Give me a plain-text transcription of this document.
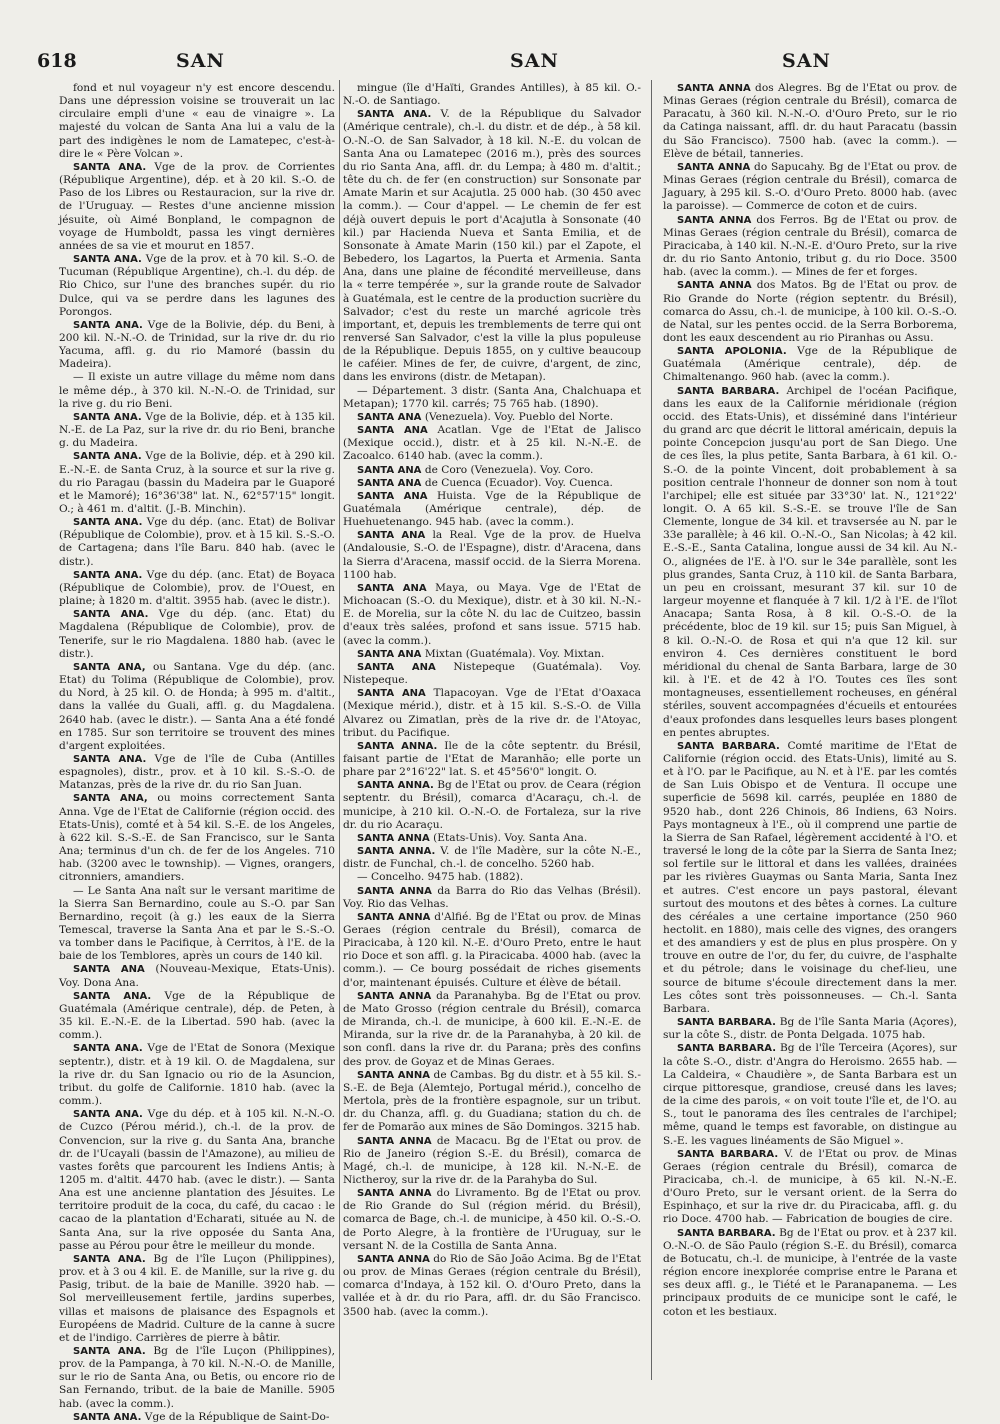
618	SAN	SAN	SAN

fond et nul voyageur n'y est encore descendu. Dans une dépression voisine se trouverait un lac circulaire empli d'une « eau de vinaigre ». La majesté du volcan de Santa Ana lui a valu de la part des indigènes le nom de Lamatepec, c'est-à-dire le « Père Volcan ».

SANTA ANA. Vge de la prov. de Corrientes (République Argentine), dép. et à 20 kil. S.-O. de Paso de los Libres ou Restauracion, sur la rive dr. de l'Uruguay. — Restes d'une ancienne mission jésuite, où Aimé Bonpland, le compagnon de voyage de Humboldt, passa les vingt dernières années de sa vie et mourut en 1857.

SANTA ANA. Vge de la prov. et à 70 kil. S.-O. de Tucuman (République Argentine), ch.-l. du dép. de Rio Chico, sur l'une des branches supér. du rio Dulce, qui va se perdre dans les lagunes des Porongos.

SANTA ANA. Vge de la Bolivie, dép. du Beni, à 200 kil. N.-N.-O. de Trinidad, sur la rive dr. du rio Yacuma, affl. g. du rio Mamoré (bassin du Madeira).

— Il existe un autre village du même nom dans le même dép., à 370 kil. N.-N.-O. de Trinidad, sur la rive g. du rio Beni.

SANTA ANA. Vge de la Bolivie, dép. et à 135 kil. N.-E. de La Paz, sur la rive dr. du rio Beni, branche g. du Madeira.

SANTA ANA. Vge de la Bolivie, dép. et à 290 kil. E.-N.-E. de Santa Cruz, à la source et sur la rive g. du rio Paragau (bassin du Madeira par le Guaporé et le Mamoré); 16°36'38" lat. N., 62°57'15" longit. O.; à 461 m. d'altit. (J.-B. Minchin).

SANTA ANA. Vge du dép. (anc. Etat) de Bolivar (République de Colombie), prov. et à 15 kil. S.-S.-O. de Cartagena; dans l'île Baru. 840 hab. (avec le distr.).

SANTA ANA. Vge du dép. (anc. Etat) de Boyaca (République de Colombie), prov. de l'Ouest, en plaine; à 1820 m. d'altit. 3955 hab. (avec le distr.).

SANTA ANA. Vge du dép. (anc. Etat) du Magdalena (République de Colombie), prov. de Tenerife, sur le rio Magdalena. 1880 hab. (avec le distr.).

SANTA ANA, ou Santana. Vge du dép. (anc. Etat) du Tolima (République de Colombie), prov. du Nord, à 25 kil. O. de Honda; à 995 m. d'altit., dans la vallée du Guali, affl. g. du Magdalena. 2640 hab. (avec le distr.). — Santa Ana a été fondé en 1785. Sur son territoire se trouvent des mines d'argent exploitées.

SANTA ANA. Vge de l'île de Cuba (Antilles espagnoles), distr., prov. et à 10 kil. S.-S.-O. de Matanzas, près de la rive dr. du rio San Juan.

SANTA ANA, ou moins correctement Santa Anna. Vge de l'Etat de Californie (région occid. des Etats-Unis), comté et à 54 kil. S.-E. de los Angeles, à 622 kil. S.-S.-E. de San Francisco, sur le Santa Ana; terminus d'un ch. de fer de los Angeles. 710 hab. (3200 avec le township). — Vignes, orangers, citronniers, amandiers.

— Le Santa Ana naît sur le versant maritime de la Sierra San Bernardino, coule au S.-O. par San Bernardino, reçoit (à g.) les eaux de la Sierra Temescal, traverse la Santa Ana et par le S.-S.-O. va tomber dans le Pacifique, à Cerritos, à l'E. de la baie de los Temblores, après un cours de 140 kil.

SANTA ANA (Nouveau-Mexique, Etats-Unis). Voy. Dona Ana.

SANTA ANA. Vge de la République de Guatémala (Amérique centrale), dép. de Peten, à 35 kil. E.-N.-E. de la Libertad. 590 hab. (avec la comm.).

SANTA ANA. Vge de l'Etat de Sonora (Mexique septentr.), distr. et à 19 kil. O. de Magdalena, sur la rive dr. du San Ignacio ou rio de la Asuncion, tribut. du golfe de Californie. 1810 hab. (avec la comm.).

SANTA ANA. Vge du dép. et à 105 kil. N.-N.-O. de Cuzco (Pérou mérid.), ch.-l. de la prov. de Convencion, sur la rive g. du Santa Ana, branche dr. de l'Ucayali (bassin de l'Amazone), au milieu de vastes forêts que parcourent les Indiens Antis; à 1205 m. d'altit. 4470 hab. (avec le distr.). — Santa Ana est une ancienne plantation des Jésuites. Le territoire produit de la coca, du café, du cacao : le cacao de la plantation d'Echarati, située au N. de Santa Ana, sur la rive opposée du Santa Ana, passe au Pérou pour être le meilleur du monde.

SANTA ANA. Bg de l'île Luçon (Philippines), prov. et à 3 ou 4 kil. E. de Manille, sur la rive g. du Pasig, tribut. de la baie de Manille. 3920 hab. — Sol merveilleusement fertile, jardins superbes, villas et maisons de plaisance des Espagnols et Européens de Madrid. Culture de la canne à sucre et de l'indigo. Carrières de pierre à bâtir.

SANTA ANA. Bg de l'île Luçon (Philippines), prov. de la Pampanga, à 70 kil. N.-N.-O. de Manille, sur le rio de Santa Ana, ou Betis, ou encore rio de San Fernando, tribut. de la baie de Manille. 5905 hab. (avec la comm.).

SANTA ANA. Vge de la République de Saint-Do-

mingue (île d'Haïti, Grandes Antilles), à 85 kil. O.-N.-O. de Santiago.

SANTA ANA. V. de la République du Salvador (Amérique centrale), ch.-l. du distr. et de dép., à 58 kil. O.-N.-O. de San Salvador, à 18 kil. N.-E. du volcan de Santa Ana ou Lamatepec (2016 m.), près des sources du rio Santa Ana, affl. dr. du Lempa; à 480 m. d'altit.; tête du ch. de fer (en construction) sur Sonsonate par Amate Marin et sur Acajutla. 25 000 hab. (30 450 avec la comm.). — Cour d'appel. — Le chemin de fer est déjà ouvert depuis le port d'Acajutla à Sonsonate (40 kil.) par Hacienda Nueva et Santa Emilia, et de Sonsonate à Amate Marin (150 kil.) par el Zapote, el Bebedero, los Lagartos, la Puerta et Armenia. Santa Ana, dans une plaine de fécondité merveilleuse, dans la « terre tempérée », sur la grande route de Salvador à Guatémala, est le centre de la production sucrière du Salvador; c'est du reste un marché agricole très important, et, depuis les tremblements de terre qui ont renversé San Salvador, c'est la ville la plus populeuse de la République. Depuis 1855, on y cultive beaucoup le caféier. Mines de fer, de cuivre, d'argent, de zinc, dans les environs (distr. de Metapan).

— Département. 3 distr. (Santa Ana, Chalchuapa et Metapan); 1770 kil. carrés; 75 765 hab. (1890).

SANTA ANA (Venezuela). Voy. Pueblo del Norte.

SANTA ANA Acatlan. Vge de l'Etat de Jalisco (Mexique occid.), distr. et à 25 kil. N.-N.-E. de Zacoalco. 6140 hab. (avec la comm.).

SANTA ANA de Coro (Venezuela). Voy. Coro.

SANTA ANA de Cuenca (Ecuador). Voy. Cuenca.

SANTA ANA Huista. Vge de la République de Guatémala (Amérique centrale), dép. de Huehuetenango. 945 hab. (avec la comm.).

SANTA ANA la Real. Vge de la prov. de Huelva (Andalousie, S.-O. de l'Espagne), distr. d'Aracena, dans la Sierra d'Aracena, massif occid. de la Sierra Morena. 1100 hab.

SANTA ANA Maya, ou Maya. Vge de l'Etat de Michoacan (S.-O. du Mexique), distr. et à 30 kil. N.-N.-E. de Morelia, sur la côte N. du lac de Cuitzeo, bassin d'eaux très salées, profond et sans issue. 5715 hab. (avec la comm.).

SANTA ANA Mixtan (Guatémala). Voy. Mixtan.

SANTA ANA Nistepeque (Guatémala). Voy. Nistepeque.

SANTA ANA Tlapacoyan. Vge de l'Etat d'Oaxaca (Mexique mérid.), distr. et à 15 kil. S.-S.-O. de Villa Alvarez ou Zimatlan, près de la rive dr. de l'Atoyac, tribut. du Pacifique.

SANTA ANNA. Ile de la côte septentr. du Brésil, faisant partie de l'Etat de Maranhão; elle porte un phare par 2°16'22" lat. S. et 45°56'0" longit. O.

SANTA ANNA. Bg de l'Etat ou prov. de Ceara (région septentr. du Brésil), comarca d'Acaraçu, ch.-l. de municipe, à 210 kil. O.-N.-O. de Fortaleza, sur la rive dr. du rio Acaraçu.

SANTA ANNA (Etats-Unis). Voy. Santa Ana.

SANTA ANNA. V. de l'île Madère, sur la côte N.-E., distr. de Funchal, ch.-l. de concelho. 5260 hab.

— Concelho. 9475 hab. (1882).

SANTA ANNA da Barra do Rio das Velhas (Brésil). Voy. Rio das Velhas.

SANTA ANNA d'Alfié. Bg de l'Etat ou prov. de Minas Geraes (région centrale du Brésil), comarca de Piracicaba, à 120 kil. N.-E. d'Ouro Preto, entre le haut rio Doce et son affl. g. la Piracicaba. 4000 hab. (avec la comm.). — Ce bourg possédait de riches gisements d'or, maintenant épuisés. Culture et élève de bétail.

SANTA ANNA da Paranahyba. Bg de l'Etat ou prov. de Mato Grosso (région centrale du Brésil), comarca de Miranda, ch.-l. de municipe, à 600 kil. E.-N.-E. de Miranda, sur la rive dr. de la Paranahyba, à 20 kil. de son confl. dans la rive dr. du Parana; près des confins des prov. de Goyaz et de Minas Geraes.

SANTA ANNA de Cambas. Bg du distr. et à 55 kil. S.-S.-E. de Beja (Alemtejo, Portugal mérid.), concelho de Mertola, près de la frontière espagnole, sur un tribut. dr. du Chanza, affl. g. du Guadiana; station du ch. de fer de Pomarão aux mines de São Domingos. 3215 hab.

SANTA ANNA de Macacu. Bg de l'Etat ou prov. de Rio de Janeiro (région S.-E. du Brésil), comarca de Magé, ch.-l. de municipe, à 128 kil. N.-N.-E. de Nictheroy, sur la rive dr. de la Parahyba do Sul.

SANTA ANNA do Livramento. Bg de l'Etat ou prov. de Rio Grande do Sul (région mérid. du Brésil), comarca de Bage, ch.-l. de municipe, à 450 kil. O.-S.-O. de Porto Alegre, à la frontière de l'Uruguay, sur le versant N. de la Costilla de Santa Anna.

SANTA ANNA do Rio de São João Acima. Bg de l'Etat ou prov. de Minas Geraes (région centrale du Brésil), comarca d'Indaya, à 152 kil. O. d'Ouro Preto, dans la vallée et à dr. du rio Para, affl. dr. du São Francisco. 3500 hab. (avec la comm.).

SANTA ANNA dos Alegres. Bg de l'Etat ou prov. de Minas Geraes (région centrale du Brésil), comarca de Paracatu, à 360 kil. N.-N.-O. d'Ouro Preto, sur le rio da Catinga naissant, affl. dr. du haut Paracatu (bassin du São Francisco). 7500 hab. (avec la comm.). — Elève de bétail, tanneries.

SANTA ANNA do Sapucahy. Bg de l'Etat ou prov. de Minas Geraes (région centrale du Brésil), comarca de Jaguary, à 295 kil. S.-O. d'Ouro Preto. 8000 hab. (avec la paroisse). — Commerce de coton et de cuirs.

SANTA ANNA dos Ferros. Bg de l'Etat ou prov. de Minas Geraes (région centrale du Brésil), comarca de Piracicaba, à 140 kil. N.-N.-E. d'Ouro Preto, sur la rive dr. du rio Santo Antonio, tribut g. du rio Doce. 3500 hab. (avec la comm.). — Mines de fer et forges.

SANTA ANNA dos Matos. Bg de l'Etat ou prov. de Rio Grande do Norte (région septentr. du Brésil), comarca do Assu, ch.-l. de municipe, à 100 kil. O.-S.-O. de Natal, sur les pentes occid. de la Serra Borborema, dont les eaux descendent au rio Piranhas ou Assu.

SANTA APOLONIA. Vge de la République de Guatémala (Amérique centrale), dép. de Chimaltenango. 960 hab. (avec la comm.).

SANTA BARBARA. Archipel de l'océan Pacifique, dans les eaux de la Californie méridionale (région occid. des Etats-Unis), et disséminé dans l'intérieur du grand arc que décrit le littoral américain, depuis la pointe Concepcion jusqu'au port de San Diego. Une de ces îles, la plus petite, Santa Barbara, à 61 kil. O.-S.-O. de la pointe Vincent, doit probablement à sa position centrale l'honneur de donner son nom à tout l'archipel; elle est située par 33°30' lat. N., 121°22' longit. O. A 65 kil. S.-S.-E. se trouve l'île de San Clemente, longue de 34 kil. et travsersée au N. par le 33e parallèle; à 46 kil. O.-N.-O., San Nicolas; à 42 kil. E.-S.-E., Santa Catalina, longue aussi de 34 kil. Au N.-O., alignées de l'E. à l'O. sur le 34e parallèle, sont les plus grandes, Santa Cruz, à 110 kil. de Santa Barbara, un peu en croissant, mesurant 37 kil. sur 10 de largeur moyenne et flanquée à 7 kil. 1/2 à l'E. de l'îlot Anacapa; Santa Rosa, à 8 kil. O.-S.-O. de la précédente, bloc de 19 kil. sur 15; puis San Miguel, à 8 kil. O.-N.-O. de Rosa et qui n'a que 12 kil. sur environ 4. Ces dernières constituent le bord méridional du chenal de Santa Barbara, large de 30 kil. à l'E. et de 42 à l'O. Toutes ces îles sont montagneuses, essentiellement rocheuses, en général stériles, souvent accompagnées d'écueils et entourées d'eaux profondes dans lesquelles leurs bases plongent en pentes abruptes.

SANTA BARBARA. Comté maritime de l'Etat de Californie (région occid. des Etats-Unis), limité au S. et à l'O. par le Pacifique, au N. et à l'E. par les comtés de San Luis Obispo et de Ventura. Il occupe une superficie de 5698 kil. carrés, peuplée en 1880 de 9520 hab., dont 226 Chinois, 86 Indiens, 63 Noirs. Pays montagneux à l'E., où il comprend une partie de la Sierra de San Rafael, légèrement accidenté à l'O. et traversé le long de la côte par la Sierra de Santa Inez; sol fertile sur le littoral et dans les vallées, drainées par les rivières Guaymas ou Santa Maria, Santa Inez et autres. C'est encore un pays pastoral, élevant surtout des moutons et des bêtes à cornes. La culture des céréales a une certaine importance (250 960 hectolit. en 1880), mais celle des vignes, des orangers et des amandiers y est de plus en plus prospère. On y trouve en outre de l'or, du fer, du cuivre, de l'asphalte et du pétrole; dans le voisinage du chef-lieu, une source de bitume s'écoule directement dans la mer. Les côtes sont très poissonneuses. — Ch.-l. Santa Barbara.

SANTA BARBARA. Bg de l'île Santa Maria (Açores), sur la côte S., distr. de Ponta Delgada. 1075 hab.

SANTA BARBARA. Bg de l'île Terceira (Açores), sur la côte S.-O., distr. d'Angra do Heroismo. 2655 hab. — La Caldeira, « Chaudière », de Santa Barbara est un cirque pittoresque, grandiose, creusé dans les laves; de la cime des parois, « on voit toute l'île et, de l'O. au S., tout le panorama des îles centrales de l'archipel; même, quand le temps est favorable, on distingue au S.-E. les vagues linéaments de São Miguel ».

SANTA BARBARA. V. de l'Etat ou prov. de Minas Geraes (région centrale du Brésil), comarca de Piracicaba, ch.-l. de municipe, à 65 kil. N.-N.-E. d'Ouro Preto, sur le versant orient. de la Serra do Espinhaço, et sur la rive dr. du Piracicaba, affl. g. du rio Doce. 4700 hab. — Fabrication de bougies de cire.

SANTA BARBARA. Bg de l'Etat ou prov. et à 237 kil. O.-N.-O. de São Paulo (région S.-E. du Brésil), comarca de Botucatu, ch.-l. de municipe, à l'entrée de la vaste région encore inexplorée comprise entre le Parana et ses deux affl. g., le Tiété et le Paranapanema. — Les principaux produits de ce municipe sont le café, le coton et les bestiaux.
